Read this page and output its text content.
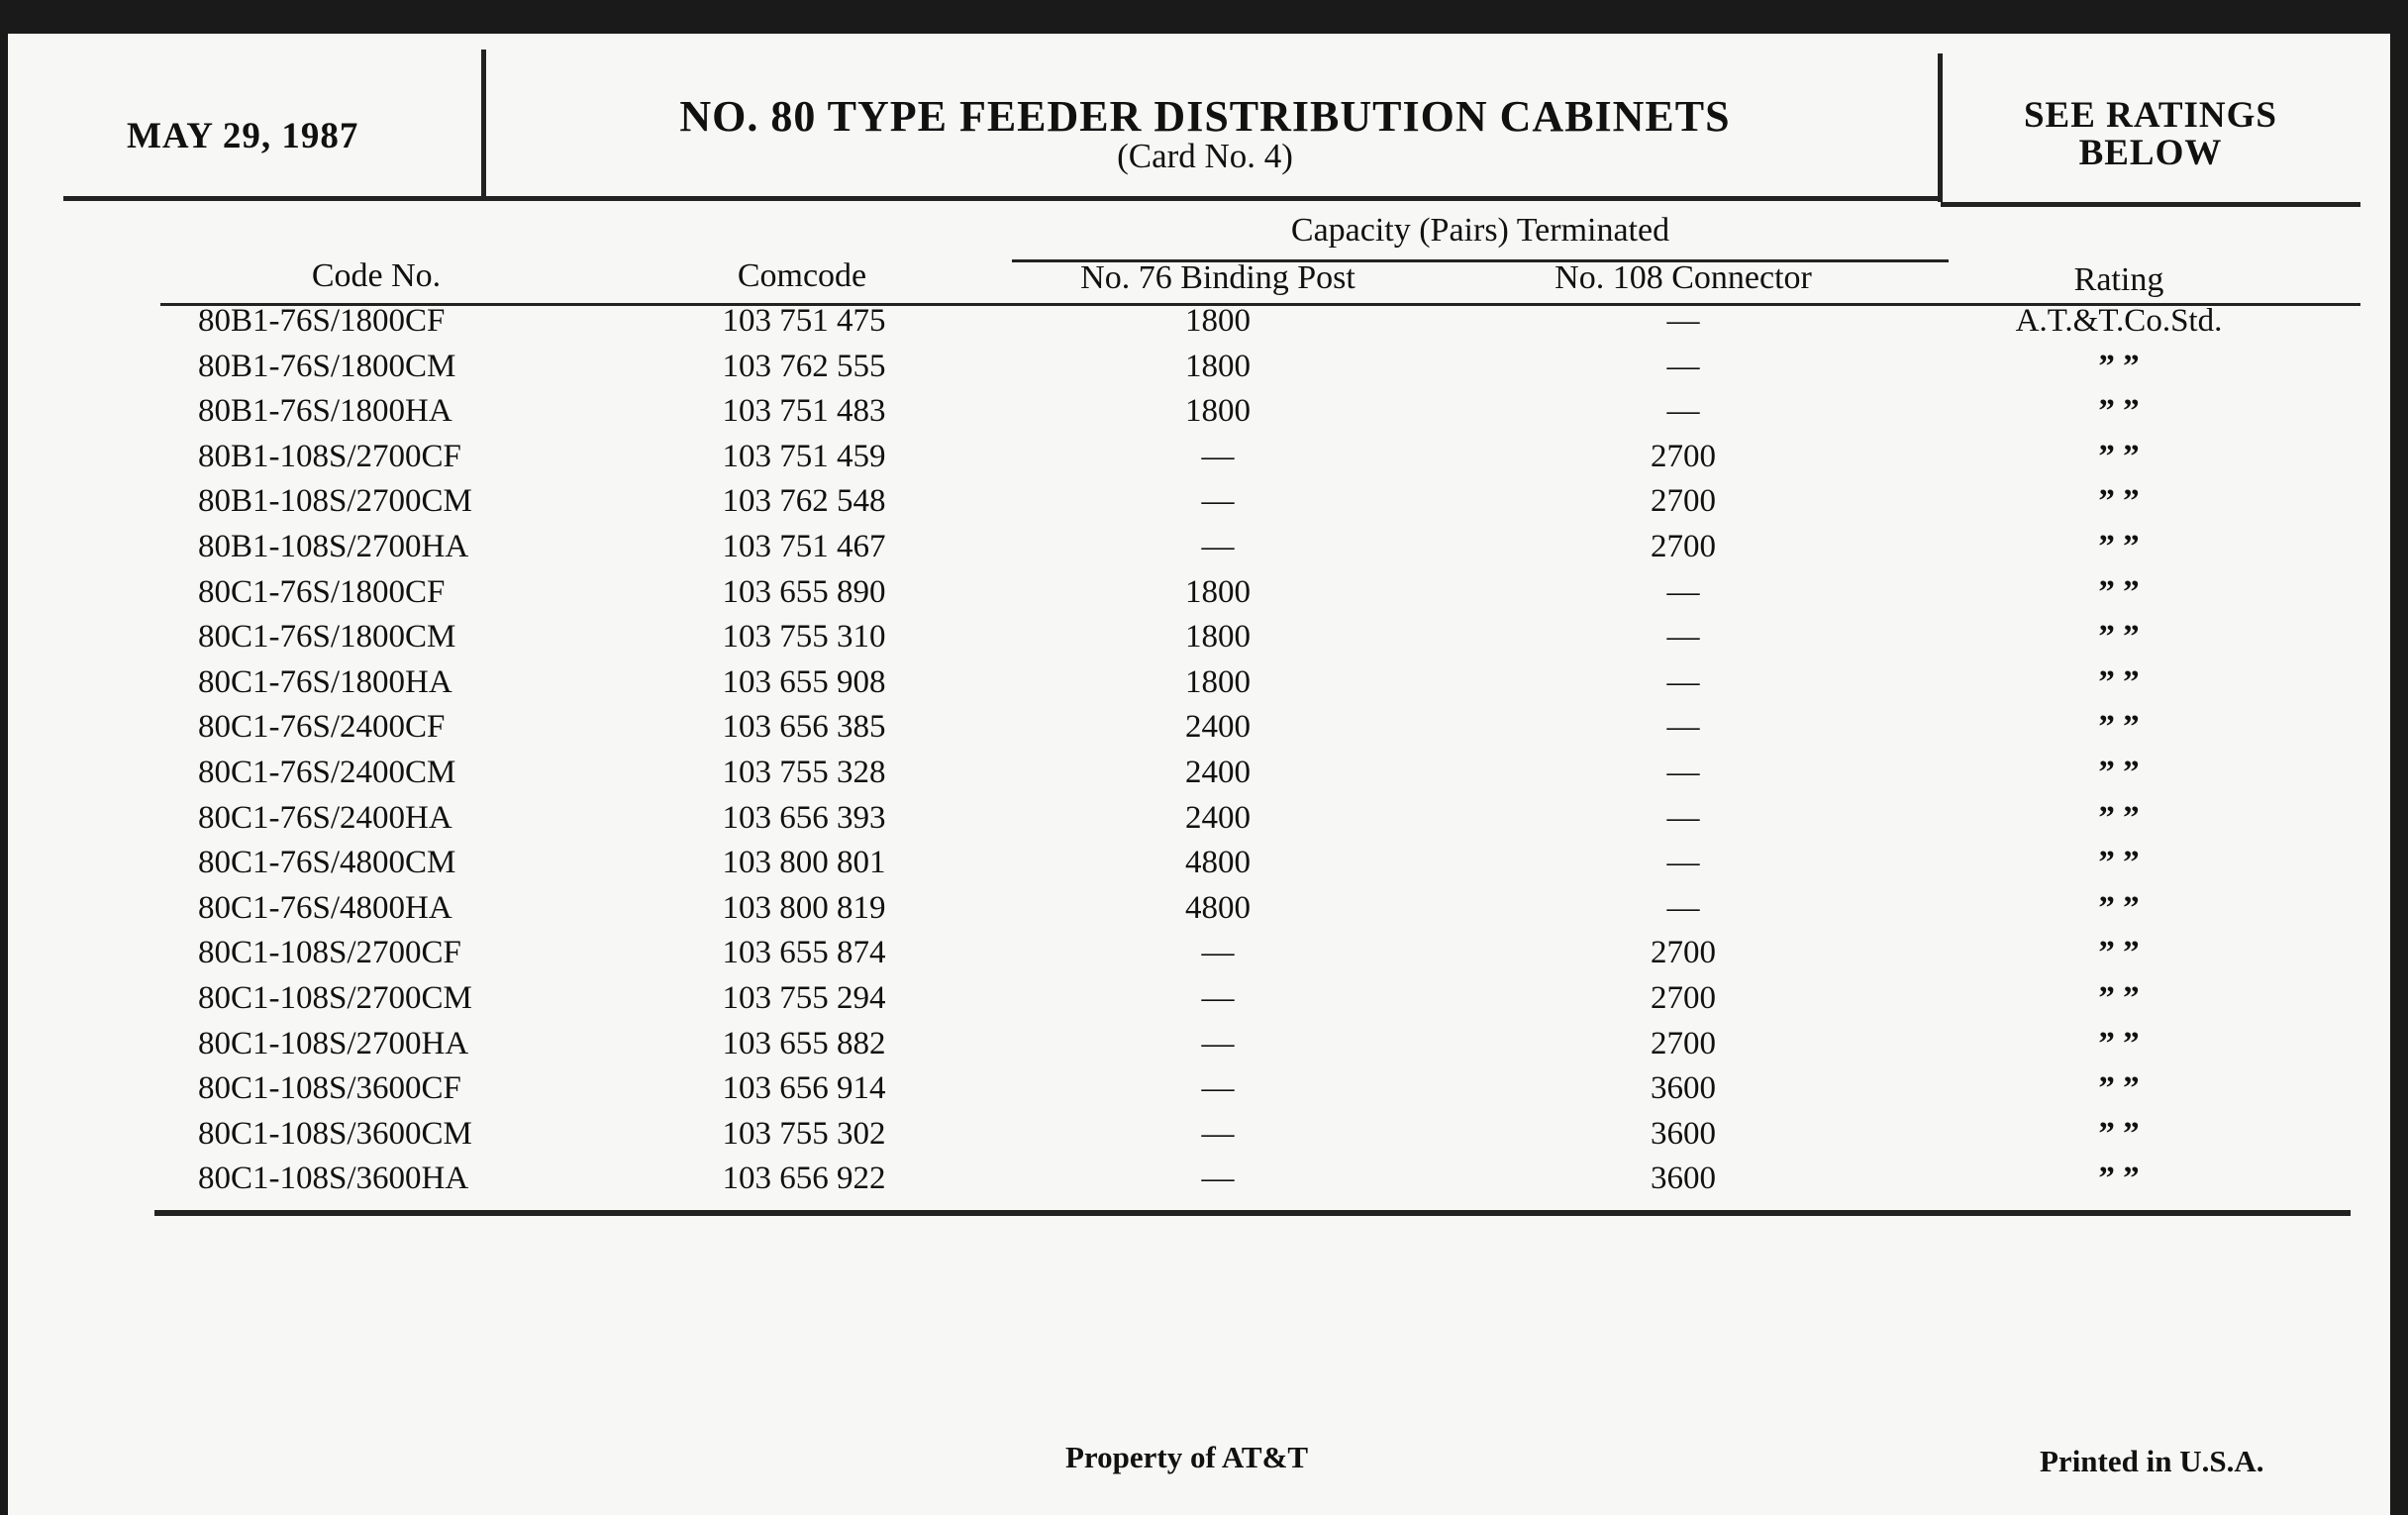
MAY 29, 1987	NO. 80 TYPE FEEDER DISTRIBUTION CABINETS
(Card No. 4)
SEE RATINGS
BELOW
Capacity (Pairs) Terminated
Code No.	Comcode	No. 76 Binding Post	No. 108 Connector	Rating
80B1-76S/1800CF	103 751 475	1800	—	A.T.&T.Co.Std.
80B1-76S/1800CM	103 762 555	1800	—	” ”
80B1-76S/1800HA	103 751 483	1800	—	” ”
80B1-108S/2700CF	103 751 459	—	2700	” ”
80B1-108S/2700CM	103 762 548	—	2700	” ”
80B1-108S/2700HA	103 751 467	—	2700	” ”
80C1-76S/1800CF	103 655 890	1800	—	” ”
80C1-76S/1800CM	103 755 310	1800	—	” ”
80C1-76S/1800HA	103 655 908	1800	—	” ”
80C1-76S/2400CF	103 656 385	2400	—	” ”
80C1-76S/2400CM	103 755 328	2400	—	” ”
80C1-76S/2400HA	103 656 393	2400	—	” ”
80C1-76S/4800CM	103 800 801	4800	—	” ”
80C1-76S/4800HA	103 800 819	4800	—	” ”
80C1-108S/2700CF	103 655 874	—	2700	” ”
80C1-108S/2700CM	103 755 294	—	2700	” ”
80C1-108S/2700HA	103 655 882	—	2700	” ”
80C1-108S/3600CF	103 656 914	—	3600	” ”
80C1-108S/3600CM	103 755 302	—	3600	” ”
80C1-108S/3600HA	103 656 922	—	3600	” ”
Property of AT&T	Printed in U.S.A.
